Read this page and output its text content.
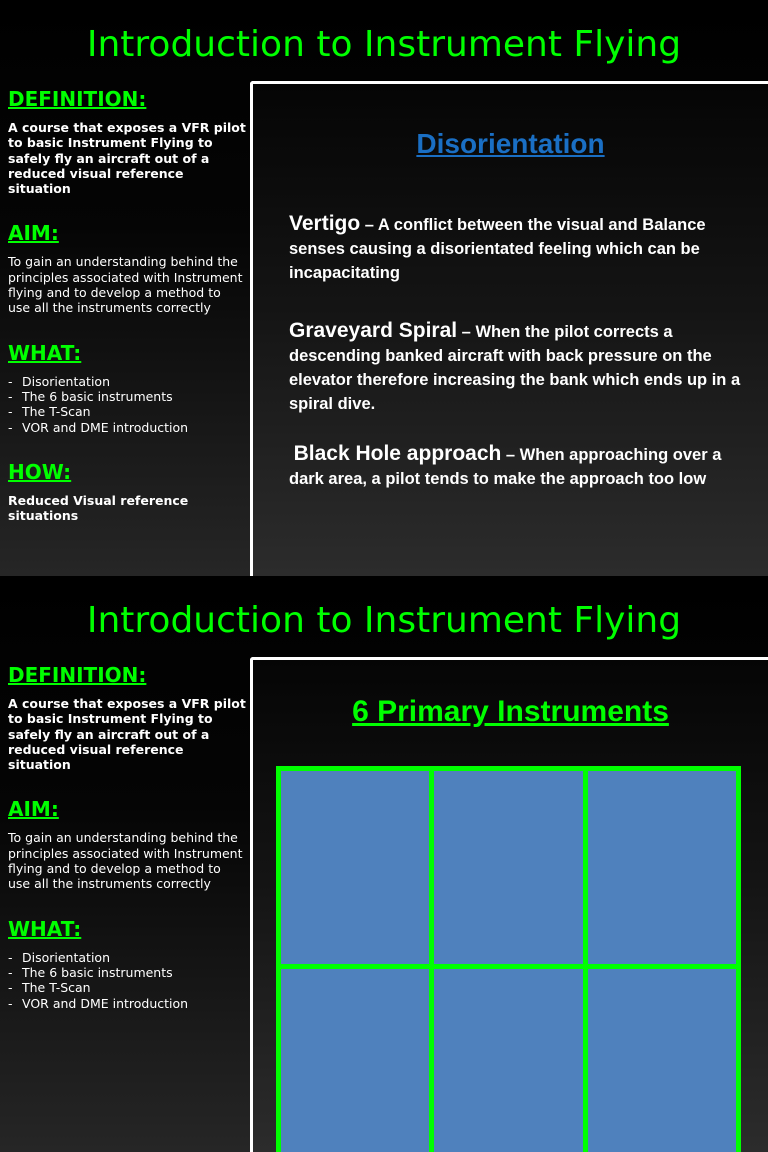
Introduction to Instrument Flying
DEFINITION:

A course that exposes a VFR pilot to basic Instrument Flying to safely fly an aircraft out of a reduced visual reference situation

AIM:

To gain an understanding behind the principles associated with Instrument flying and to develop a method to use all the instruments correctly

WHAT:
- Disorientation
- The 6 basic instruments
- The T-Scan
- VOR and DME introduction
HOW:

Reduced Visual reference situations

Disorientation
Vertigo – A conflict between the visual and Balance senses causing a disorientated feeling which can be incapacitating
Graveyard Spiral – When the pilot corrects a descending banked aircraft with back pressure on the elevator therefore increasing the bank which ends up in a spiral dive.
Black Hole approach – When approaching over a dark area, a pilot tends to make the approach too low
Introduction to Instrument Flying
DEFINITION:

A course that exposes a VFR pilot to basic Instrument Flying to safely fly an aircraft out of a reduced visual reference situation

AIM:

To gain an understanding behind the principles associated with Instrument flying and to develop a method to use all the instruments correctly

WHAT:
- Disorientation
- The 6 basic instruments
- The T-Scan
- VOR and DME introduction
6 Primary Instruments
